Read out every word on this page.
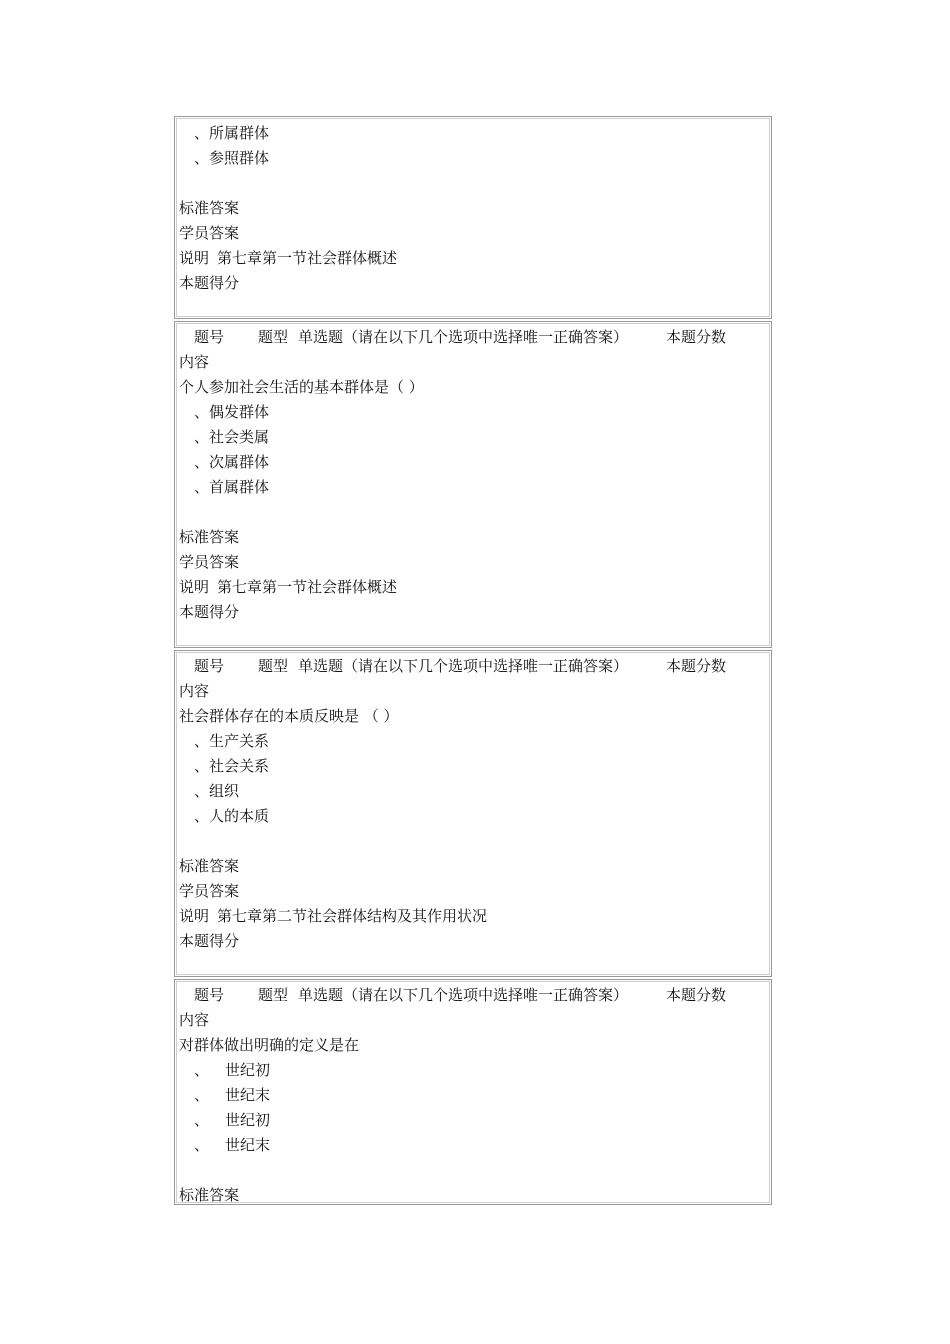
、所属群体
、参照群体
标准答案
学员答案
说明 第七章第一节社会群体概述
本题得分
题号 题型 单选题（请在以下几个选项中选择唯一正确答案）	本题分数
内容
个人参加社会生活的基本群体是（ ）
、偶发群体
、社会类属
、次属群体
、首属群体
标准答案
学员答案
说明 第七章第一节社会群体概述
本题得分
题号 题型 单选题（请在以下几个选项中选择唯一正确答案）	本题分数
内容
社会群体存在的本质反映是 （ ）
、生产关系
、社会关系
、组织
、人的本质
标准答案
学员答案
说明 第七章第二节社会群体结构及其作用状况
本题得分
题号 题型 单选题（请在以下几个选项中选择唯一正确答案）	本题分数
内容
对群体做出明确的定义是在
、 世纪初
、 世纪末
、 世纪初
、 世纪末
标准答案
